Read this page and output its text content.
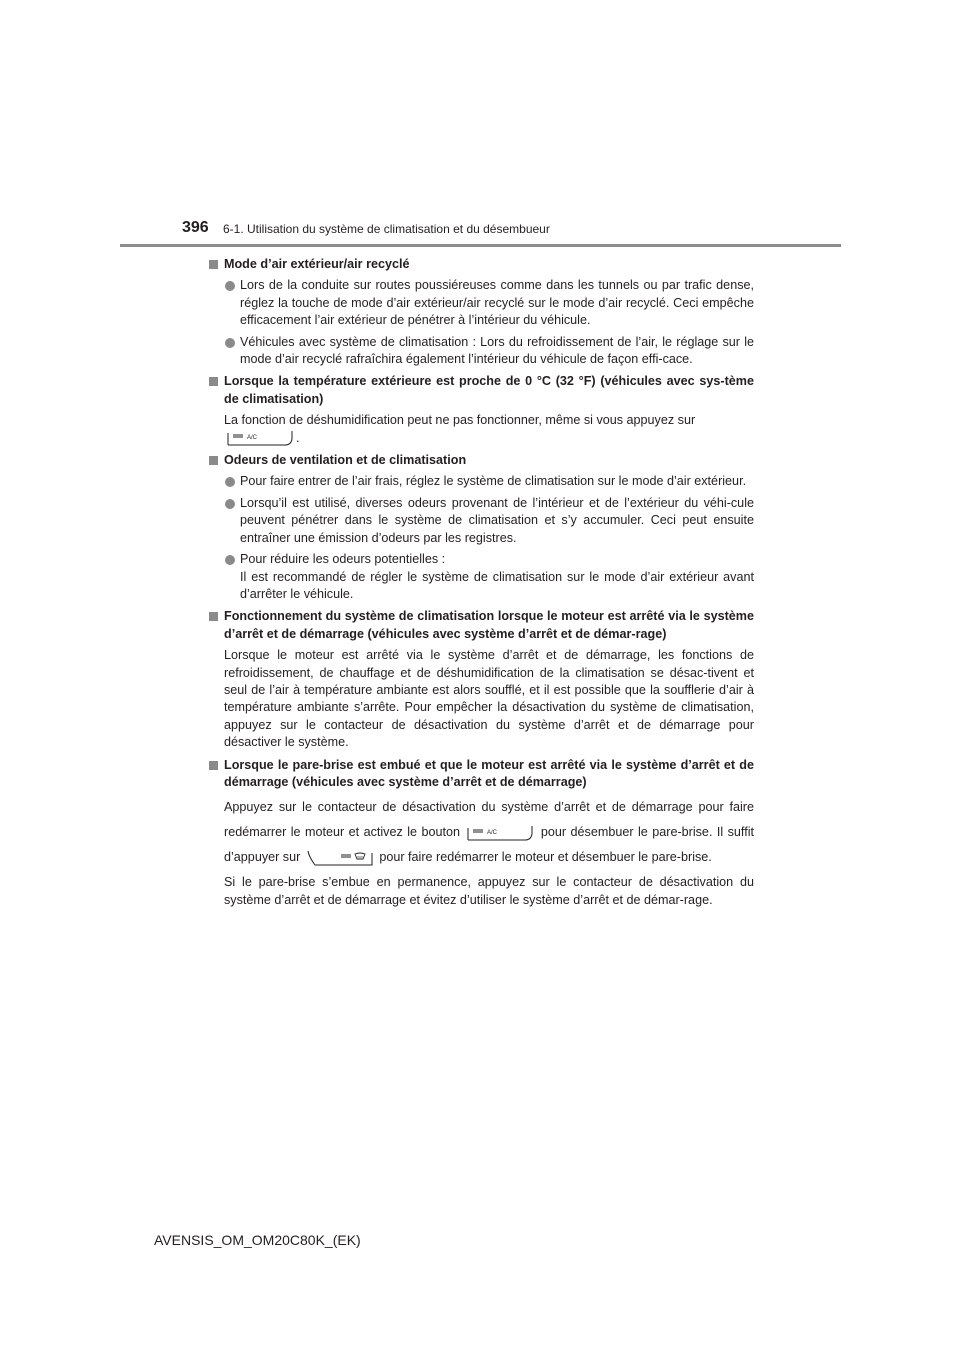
396 6-1. Utilisation du système de climatisation et du désembueur
Mode d’air extérieur/air recyclé
Lors de la conduite sur routes poussiéreuses comme dans les tunnels ou par trafic dense, réglez la touche de mode d’air extérieur/air recyclé sur le mode d’air recyclé. Ceci empêche efficacement l’air extérieur de pénétrer à l’intérieur du véhicule.
Véhicules avec système de climatisation : Lors du refroidissement de l’air, le réglage sur le mode d’air recyclé rafraîchira également l’intérieur du véhicule de façon effi-cace.
Lorsque la température extérieure est proche de 0 °C (32 °F) (véhicules avec sys-tème de climatisation)
La fonction de déshumidification peut ne pas fonctionner, même si vous appuyez sur

A/C	.
Odeurs de ventilation et de climatisation
Pour faire entrer de l’air frais, réglez le système de climatisation sur le mode d’air extérieur.
Lorsqu’il est utilisé, diverses odeurs provenant de l’intérieur et de l’extérieur du véhi-cule peuvent pénétrer dans le système de climatisation et s’y accumuler. Ceci peut ensuite entraîner une émission d’odeurs par les registres.
Pour réduire les odeurs potentielles :
Il est recommandé de régler le système de climatisation sur le mode d’air extérieur avant d’arrêter le véhicule.
Fonctionnement du système de climatisation lorsque le moteur est arrêté via le système d’arrêt et de démarrage (véhicules avec système d’arrêt et de démar-rage)
Lorsque le moteur est arrêté via le système d’arrêt et de démarrage, les fonctions de refroidissement, de chauffage et de déshumidification de la climatisation se désac-tivent et seul de l’air à température ambiante est alors soufflé, et il est possible que la soufflerie d’air à température ambiante s’arrête. Pour empêcher la désactivation du système de climatisation, appuyez sur le contacteur de désactivation du système d’arrêt et de démarrage pour désactiver le système.
Lorsque le pare-brise est embué et que le moteur est arrêté via le système d’arrêt et de démarrage (véhicules avec système d’arrêt et de démarrage)
Appuyez sur le contacteur de désactivation du système d’arrêt et de démarrage pour faire redémarrer le moteur et activez le bouton	A/C	pour désembuer le pare-brise. Il suffit d’appuyer sur	pour faire redémarrer le moteur et désembuer le pare-brise.
Si le pare-brise s’embue en permanence, appuyez sur le contacteur de désactivation du système d’arrêt et de démarrage et évitez d’utiliser le système d’arrêt et de démar-rage.
AVENSIS_OM_OM20C80K_(EK)
